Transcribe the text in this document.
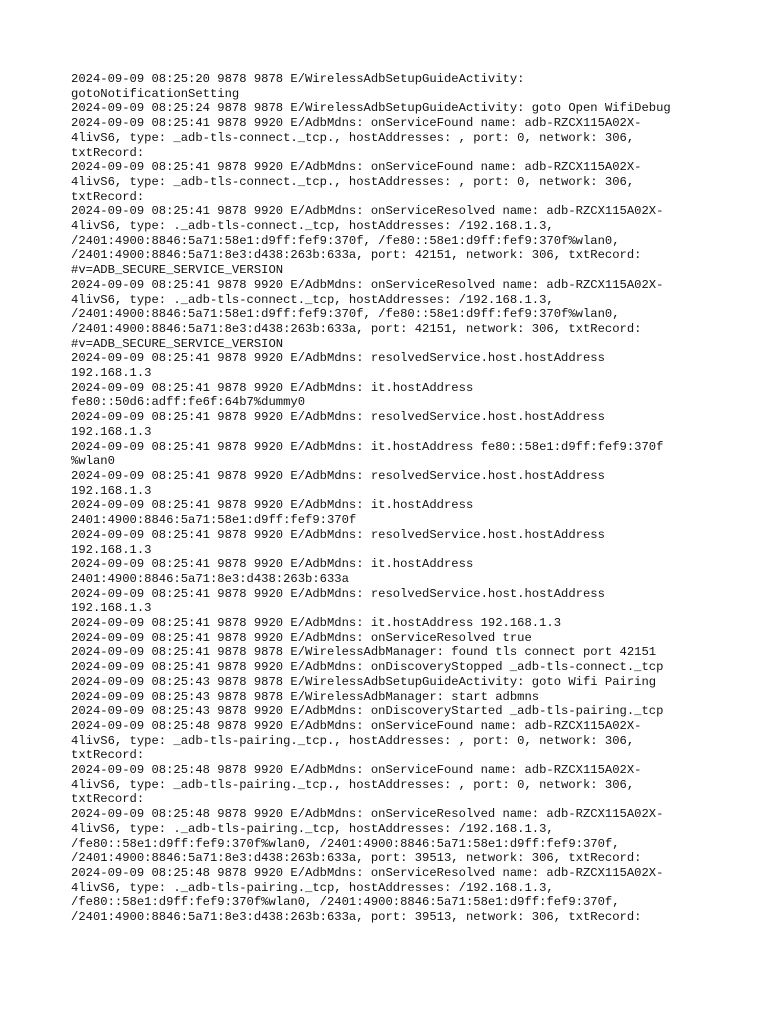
2024-09-09 08:25:20 9878 9878 E/WirelessAdbSetupGuideActivity:

gotoNotificationSetting

2024-09-09 08:25:24 9878 9878 E/WirelessAdbSetupGuideActivity: goto Open WifiDebug

2024-09-09 08:25:41 9878 9920 E/AdbMdns: onServiceFound name: adb-RZCX115A02X-

4livS6, type: _adb-tls-connect._tcp., hostAddresses: , port: 0, network: 306,

txtRecord:

2024-09-09 08:25:41 9878 9920 E/AdbMdns: onServiceFound name: adb-RZCX115A02X-

4livS6, type: _adb-tls-connect._tcp., hostAddresses: , port: 0, network: 306,

txtRecord:

2024-09-09 08:25:41 9878 9920 E/AdbMdns: onServiceResolved name: adb-RZCX115A02X-

4livS6, type: ._adb-tls-connect._tcp, hostAddresses: /192.168.1.3,

/2401:4900:8846:5a71:58e1:d9ff:fef9:370f, /fe80::58e1:d9ff:fef9:370f%wlan0,

/2401:4900:8846:5a71:8e3:d438:263b:633a, port: 42151, network: 306, txtRecord:

#v=ADB_SECURE_SERVICE_VERSION

2024-09-09 08:25:41 9878 9920 E/AdbMdns: onServiceResolved name: adb-RZCX115A02X-

4livS6, type: ._adb-tls-connect._tcp, hostAddresses: /192.168.1.3,

/2401:4900:8846:5a71:58e1:d9ff:fef9:370f, /fe80::58e1:d9ff:fef9:370f%wlan0,

/2401:4900:8846:5a71:8e3:d438:263b:633a, port: 42151, network: 306, txtRecord:

#v=ADB_SECURE_SERVICE_VERSION

2024-09-09 08:25:41 9878 9920 E/AdbMdns: resolvedService.host.hostAddress

192.168.1.3

2024-09-09 08:25:41 9878 9920 E/AdbMdns: it.hostAddress

fe80::50d6:adff:fe6f:64b7%dummy0

2024-09-09 08:25:41 9878 9920 E/AdbMdns: resolvedService.host.hostAddress

192.168.1.3

2024-09-09 08:25:41 9878 9920 E/AdbMdns: it.hostAddress fe80::58e1:d9ff:fef9:370f

%wlan0

2024-09-09 08:25:41 9878 9920 E/AdbMdns: resolvedService.host.hostAddress

192.168.1.3

2024-09-09 08:25:41 9878 9920 E/AdbMdns: it.hostAddress

2401:4900:8846:5a71:58e1:d9ff:fef9:370f

2024-09-09 08:25:41 9878 9920 E/AdbMdns: resolvedService.host.hostAddress

192.168.1.3

2024-09-09 08:25:41 9878 9920 E/AdbMdns: it.hostAddress

2401:4900:8846:5a71:8e3:d438:263b:633a

2024-09-09 08:25:41 9878 9920 E/AdbMdns: resolvedService.host.hostAddress

192.168.1.3

2024-09-09 08:25:41 9878 9920 E/AdbMdns: it.hostAddress 192.168.1.3

2024-09-09 08:25:41 9878 9920 E/AdbMdns: onServiceResolved true

2024-09-09 08:25:41 9878 9878 E/WirelessAdbManager: found tls connect port 42151

2024-09-09 08:25:41 9878 9920 E/AdbMdns: onDiscoveryStopped _adb-tls-connect._tcp

2024-09-09 08:25:43 9878 9878 E/WirelessAdbSetupGuideActivity: goto Wifi Pairing

2024-09-09 08:25:43 9878 9878 E/WirelessAdbManager: start adbmns

2024-09-09 08:25:43 9878 9920 E/AdbMdns: onDiscoveryStarted _adb-tls-pairing._tcp

2024-09-09 08:25:48 9878 9920 E/AdbMdns: onServiceFound name: adb-RZCX115A02X-

4livS6, type: _adb-tls-pairing._tcp., hostAddresses: , port: 0, network: 306,

txtRecord:

2024-09-09 08:25:48 9878 9920 E/AdbMdns: onServiceFound name: adb-RZCX115A02X-

4livS6, type: _adb-tls-pairing._tcp., hostAddresses: , port: 0, network: 306,

txtRecord:

2024-09-09 08:25:48 9878 9920 E/AdbMdns: onServiceResolved name: adb-RZCX115A02X-

4livS6, type: ._adb-tls-pairing._tcp, hostAddresses: /192.168.1.3,

/fe80::58e1:d9ff:fef9:370f%wlan0, /2401:4900:8846:5a71:58e1:d9ff:fef9:370f,

/2401:4900:8846:5a71:8e3:d438:263b:633a, port: 39513, network: 306, txtRecord:

2024-09-09 08:25:48 9878 9920 E/AdbMdns: onServiceResolved name: adb-RZCX115A02X-

4livS6, type: ._adb-tls-pairing._tcp, hostAddresses: /192.168.1.3,

/fe80::58e1:d9ff:fef9:370f%wlan0, /2401:4900:8846:5a71:58e1:d9ff:fef9:370f,

/2401:4900:8846:5a71:8e3:d438:263b:633a, port: 39513, network: 306, txtRecord:
